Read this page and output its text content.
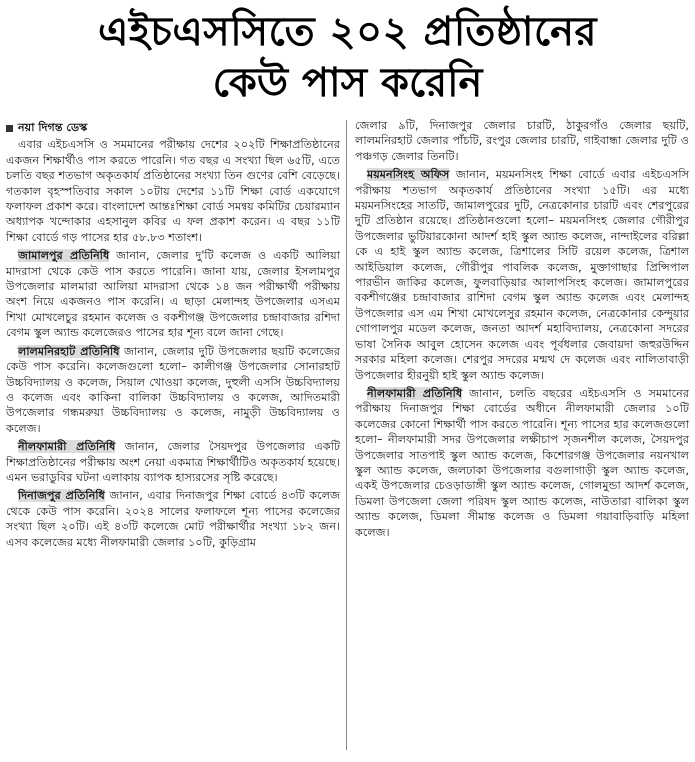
এইচএসসিতে ২০২ প্রতিষ্ঠানের
কেউ পাস করেনি
নয়া দিগন্ত ডেস্ক

এবার এইচএসসি ও সমমানের পরীক্ষায় দেশের ২০২টি শিক্ষাপ্রতিষ্ঠানের একজন শিক্ষার্থীও পাস করতে পারেনি। গত বছর এ সংখ্যা ছিল ৬৫টি, এতে চলতি বছর শতভাগ অকৃতকার্য প্রতিষ্ঠানের সংখ্যা তিন গুণের বেশি বেড়েছে। গতকাল বৃহস্পতিবার সকাল ১০টায় দেশের ১১টি শিক্ষা বোর্ড একযোগে ফলাফল প্রকাশ করে। বাংলাদেশ আন্তঃশিক্ষা বোর্ড সমন্বয় কমিটির চেয়ারম্যান অধ্যাপক খন্দোকার এহসানুল কবির এ ফল প্রকাশ করেন। এ বছর ১১টি শিক্ষা বোর্ডে গড় পাসের হার ৫৮.৮৩ শতাংশ।

জামালপুর প্রতিনিধি জানান, জেলার দু'টি কলেজ ও একটি আলিয়া মাদরাসা থেকে কেউ পাস করতে পারেনি। জানা যায়, জেলার ইসলামপুর উপজেলার মালমারা আলিয়া মাদরাসা থেকে ১৪ জন পরীক্ষার্থী পরীক্ষায় অংশ নিয়ে একজনও পাস করেনি। এ ছাড়া মেলান্দহ উপজেলার এসএম শিখা মোখলেচুর রহমান কলেজ ও বকশীগঞ্জ উপজেলার চন্দ্রাবাজার রশিদা বেগম স্কুল অ্যান্ড কলেজেরও পাসের হার শূন্য বলে জানা গেছে।

লালমনিরহাট প্রতিনিধি জানান, জেলার দুটি উপজেলার ছয়টি কলেজের কেউ পাস করেনি। কলেজগুলো হলো– কালীগঞ্জ উপজেলার সোনারহাট উচ্চবিদ্যালয় ও কলেজ, সিয়াল খোওয়া কলেজ, দুহুলী এসসি উচ্চবিদ্যালয় ও কলেজ এবং কাকিনা বালিকা উচ্চবিদ্যালয় ও কলেজ, আদিতমারী উপজেলার গন্ধমরুয়া উচ্চবিদ্যালয় ও কলেজ, নামুড়ী উচ্চবিদ্যালয় ও কলেজ।

নীলফামারী প্রতিনিধি জানান, জেলার সৈয়দপুর উপজেলার একটি শিক্ষাপ্রতিষ্ঠানের পরীক্ষায় অংশ নেয়া একমাত্র শিক্ষার্থীটিও অকৃতকার্য হয়েছে। এমন ভরাডুবির ঘটনা এলাকায় ব্যাপক হাস্যরসের সৃষ্টি করেছে।

দিনাজপুর প্রতিনিধি জানান, এবার দিনাজপুর শিক্ষা বোর্ডে ৪৩টি কলেজ থেকে কেউ পাস করেনি। ২০২৪ সালের ফলাফলে শূন্য পাসের কলেজের সংখ্যা ছিল ২০টি। এই ৪৩টি কলেজে মোট পরীক্ষার্থীর সংখ্যা ১৮২ জন। এসব কলেজের মধ্যে নীলফামারী জেলার ১০টি, কুড়িগ্রাম

জেলার ৯টি, দিনাজপুর জেলার চারটি, ঠাকুরগাঁও জেলার ছয়টি, লালমনিরহাট জেলার পাঁচটি, রংপুর জেলার চারটি, গাইবান্ধা জেলার দুটি ও পঞ্চগড় জেলার তিনটি।

ময়মনসিংহ অফিস জানান, ময়মনসিংহ শিক্ষা বোর্ডে এবার এইচএসসি পরীক্ষায় শতভাগ অকৃতকার্য প্রতিষ্ঠানের সংখ্যা ১৫টি। এর মধ্যে ময়মনসিংহের সাতটি, জামালপুরের দুটি, নেত্রকোনার চারটি এবং শেরপুরের দুটি প্রতিষ্ঠান রয়েছে। প্রতিষ্ঠানগুলো হলো– ময়মনসিংহ জেলার গৌরীপুর উপজেলার ভুটিয়ারকোনা আদর্শ হাই স্কুল অ্যান্ড কলেজ, নান্দাইলের বরিল্লা কে এ হাই স্কুল অ্যান্ড কলেজ, ত্রিশালের সিটি রয়েল কলেজ, ত্রিশাল আইডিয়াল কলেজ, গৌরীপুর পাবলিক কলেজ, মুক্তাগাছার প্রিন্সিপাল পারভীন জাকির কলেজ, ফুলবাড়িয়ার আলাপসিংহ কলেজ। জামালপুরের বকশীগঞ্জের চন্দ্রাবাজার রাশিদা বেগম স্কুল অ্যান্ড কলেজ এবং মেলান্দহ উপজেলার এস এম শিখা মোখলেসুর রহমান কলেজ, নেত্রকোনার কেন্দুয়ার গোপালপুর মডেল কলেজ, জনতা আদর্শ মহাবিদ্যালয়, নেত্রকোনা সদরের ভাষা সৈনিক আবুল হোসেন কলেজ এবং পূর্বধলার জেবায়দা জহুরউদ্দিন সরকার মহিলা কলেজ। শেরপুর সদরের মন্মথ দে কলেজ এবং নালিতাবাড়ী উপজেলার হীরনুয়ী হাই স্কুল অ্যান্ড কলেজ।

নীলফামারী প্রতিনিধি জানান, চলতি বছরের এইচএসসি ও সমমানের পরীক্ষায় দিনাজপুর শিক্ষা বোর্ডের অধীনে নীলফামারী জেলার ১০টি কলেজের কোনো শিক্ষার্থী পাস করতে পারেনি। শূন্য পাসের হার কলেজগুলো হলো– নীলফামারী সদর উপজেলার লক্ষীচাপ সৃজনশীল কলেজ, সৈয়দপুর উপজেলার সাতপাই স্কুল অ্যান্ড কলেজ, কিশোরগঞ্জ উপজেলার নয়নখাল স্কুল অ্যান্ড কলেজ, জলঢাকা উপজেলার বগুলাগাড়ী স্কুল অ্যান্ড কলেজ, একই উপজেলার চেওড়াডাঙ্গী স্কুল অ্যান্ড কলেজ, গোলমুন্ডা আদর্শ কলেজ, ডিমলা উপজেলা জেলা পরিষদ স্কুল অ্যান্ড কলেজ, নাউতারা বালিকা স্কুল অ্যান্ড কলেজ, ডিমলা সীমান্ত কলেজ ও ডিমলা গয়াবাড়িবাড়ি মহিলা কলেজ।
